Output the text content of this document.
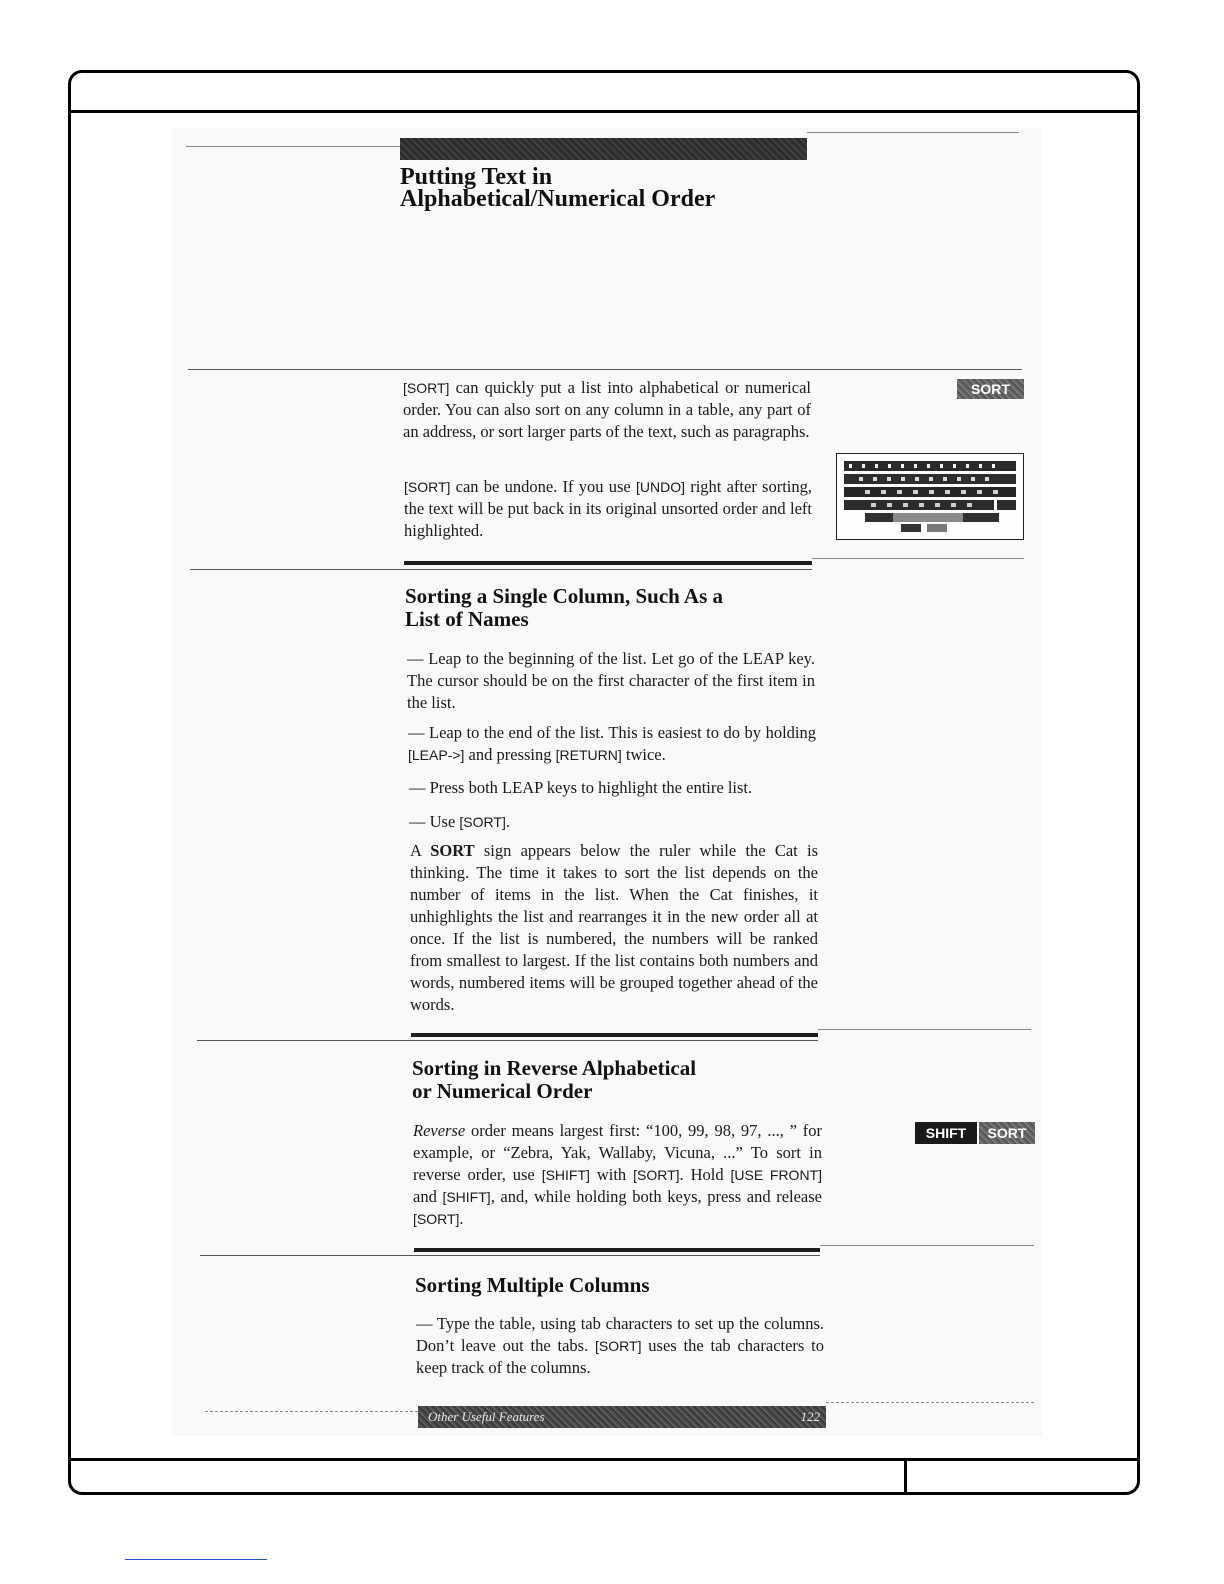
Putting Text in
Alphabetical/Numerical Order

[SORT] can quickly put a list into alphabetical or numerical order. You can also sort on any column in a table, any part of an address, or sort larger parts of the text, such as paragraphs.

[SORT] can be undone. If you use [UNDO] right after sorting, the text will be put back in its original unsorted order and left highlighted.

SORT
Sorting a Single Column, Such As a
List of Names

— Leap to the beginning of the list. Let go of the LEAP key. The cursor should be on the first character of the first item in the list.

— Leap to the end of the list. This is easiest to do by holding [LEAP->] and pressing [RETURN] twice.

— Press both LEAP keys to highlight the entire list.

— Use [SORT].

A SORT sign appears below the ruler while the Cat is thinking. The time it takes to sort the list depends on the number of items in the list. When the Cat finishes, it unhighlights the list and rearranges it in the new order all at once. If the list is numbered, the numbers will be ranked from smallest to largest. If the list contains both numbers and words, numbered items will be grouped together ahead of the words.

Sorting in Reverse Alphabetical
or Numerical Order

Reverse order means largest first: “100, 99, 98, 97, ..., ” for example, or “Zebra, Yak, Wallaby, Vicuna, ...” To sort in reverse order, use [SHIFT] with [SORT]. Hold [USE FRONT] and [SHIFT], and, while holding both keys, press and release [SORT].

SHIFT SORT
Sorting Multiple Columns

— Type the table, using tab characters to set up the columns. Don’t leave out the tabs. [SORT] uses the tab characters to keep track of the columns.

Other Useful Features	122
